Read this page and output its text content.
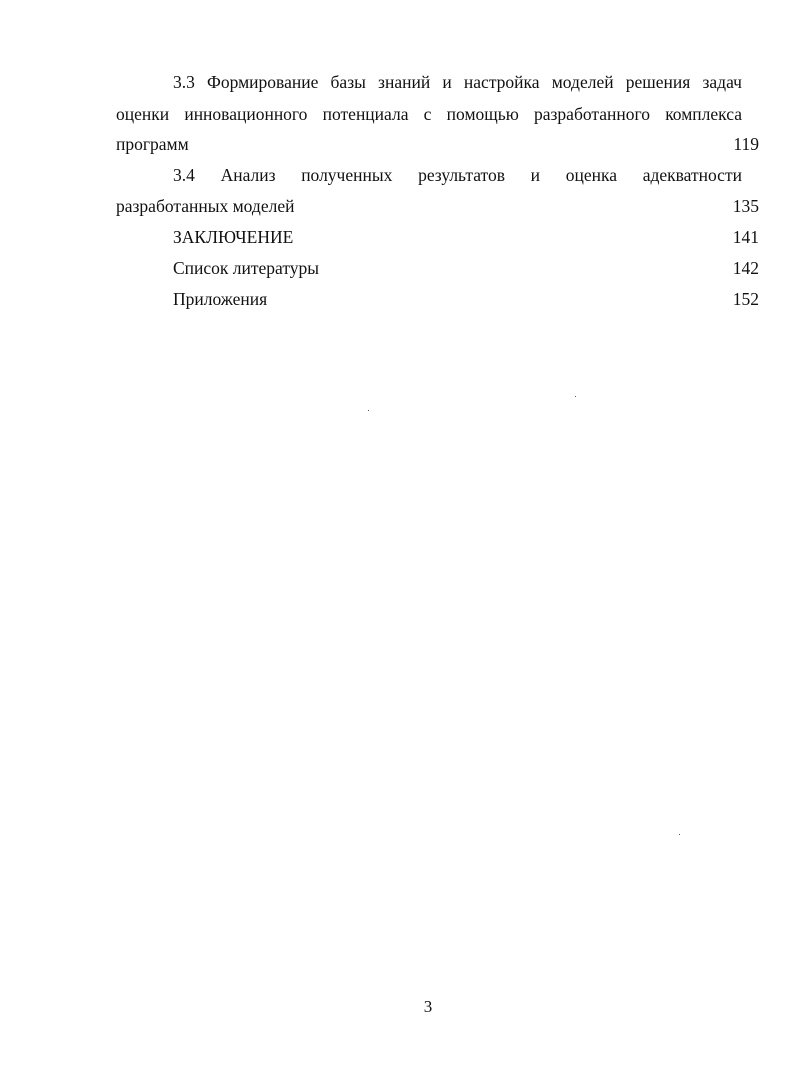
3.3 Формирование базы знаний и настройка моделей решения задач
оценки инновационного потенциала с помощью разработанного комплекса
программ	119
3.4 Анализ полученных результатов и оценка адекватности
разработанных моделей	135
ЗАКЛЮЧЕНИЕ	141
Список литературы	142
Приложения	152
3
